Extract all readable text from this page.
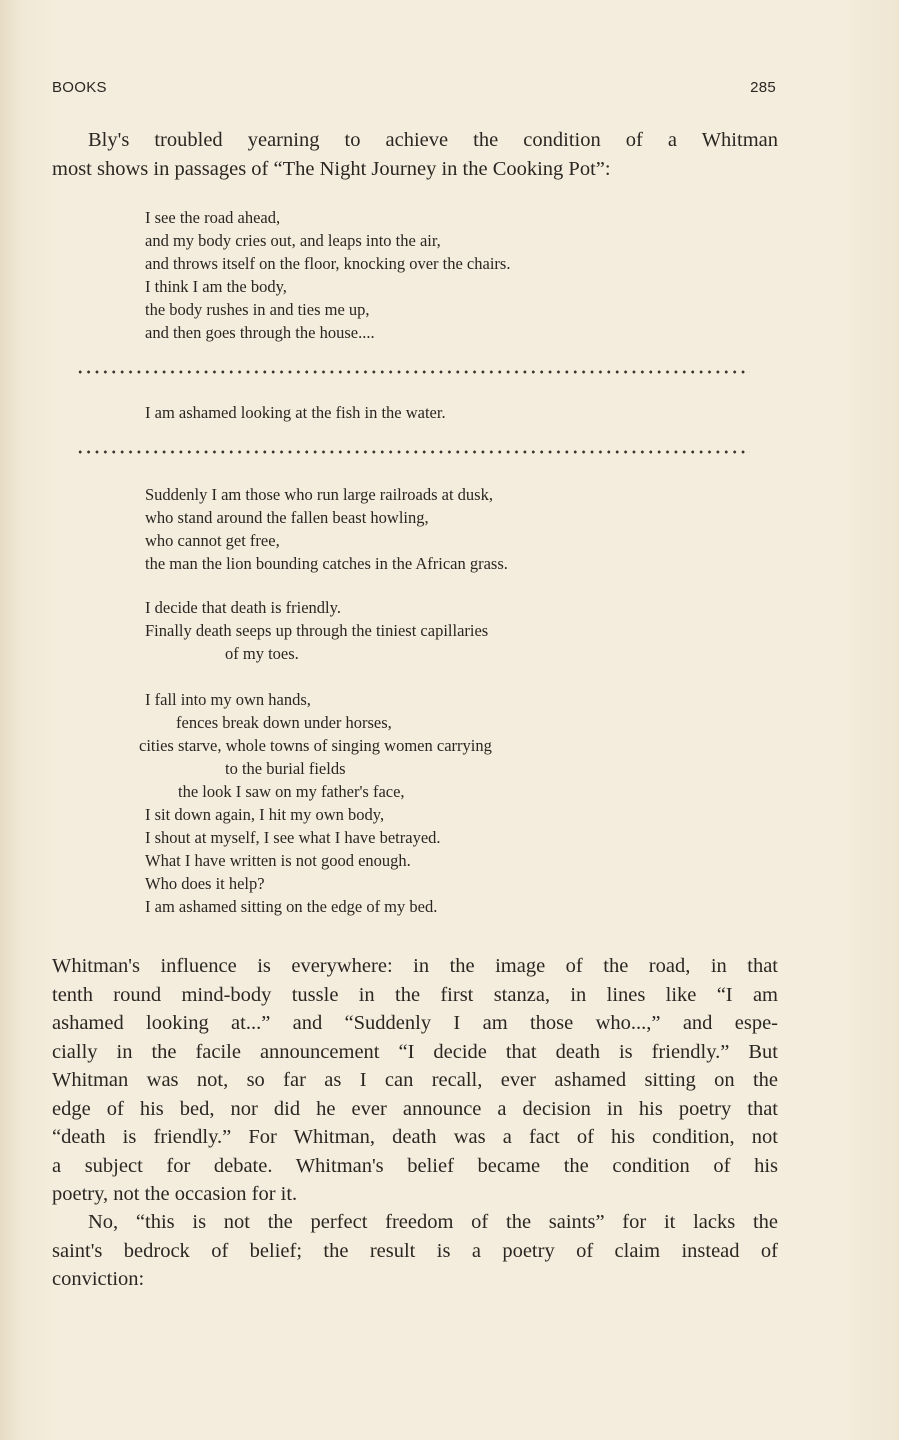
BOOKS	285

Bly's troubled yearning to achieve the condition of a Whitman
most shows in passages of “The Night Journey in the Cooking Pot”:

I see the road ahead,
and my body cries out, and leaps into the air,
and throws itself on the floor, knocking over the chairs.
I think I am the body,
the body rushes in and ties me up,
and then goes through the house....
I am ashamed looking at the fish in the water.
Suddenly I am those who run large railroads at dusk,
who stand around the fallen beast howling,
who cannot get free,
the man the lion bounding catches in the African grass.
I decide that death is friendly.
Finally death seeps up through the tiniest capillaries
of my toes.
I fall into my own hands,
fences break down under horses,
cities starve, whole towns of singing women carrying
to the burial fields
the look I saw on my father's face,
I sit down again, I hit my own body,
I shout at myself, I see what I have betrayed.
What I have written is not good enough.
Who does it help?
I am ashamed sitting on the edge of my bed.

Whitman's influence is everywhere: in the image of the road, in that
tenth round mind-body tussle in the first stanza, in lines like “I am
ashamed looking at...” and “Suddenly I am those who...,” and espe-
cially in the facile announcement “I decide that death is friendly.” But
Whitman was not, so far as I can recall, ever ashamed sitting on the
edge of his bed, nor did he ever announce a decision in his poetry that
“death is friendly.” For Whitman, death was a fact of his condition, not
a subject for debate. Whitman's belief became the condition of his
poetry, not the occasion for it.

No, “this is not the perfect freedom of the saints” for it lacks the
saint's bedrock of belief; the result is a poetry of claim instead of
conviction:
